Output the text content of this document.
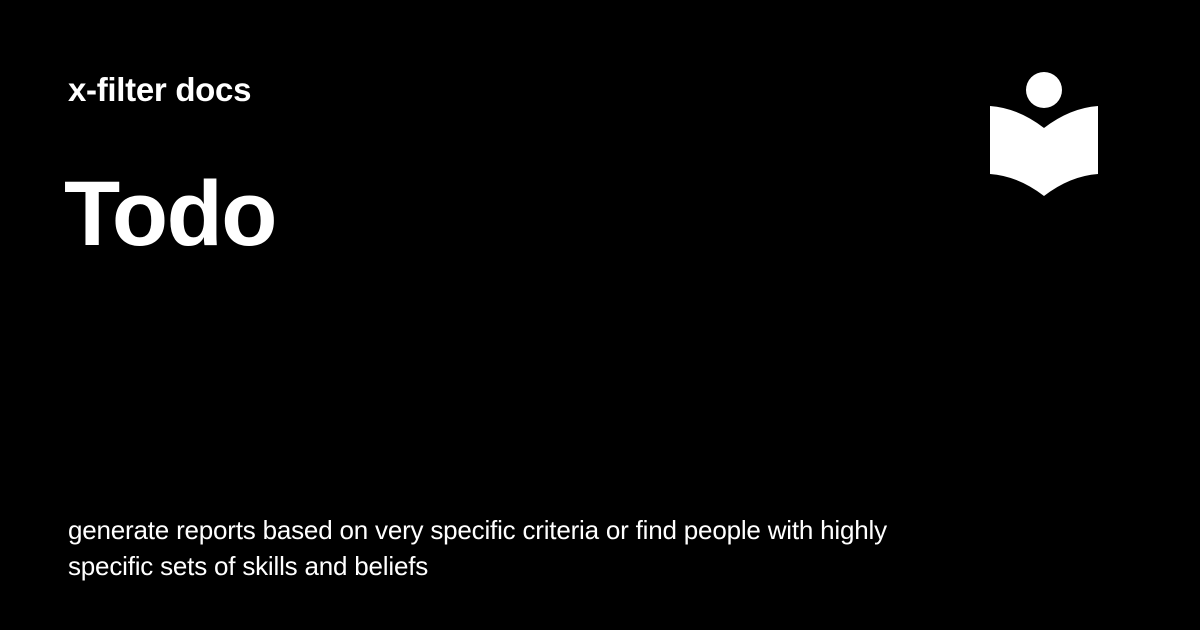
x-filter docs
Todo
generate reports based on very specific criteria or find people with highly specific sets of skills and beliefs
